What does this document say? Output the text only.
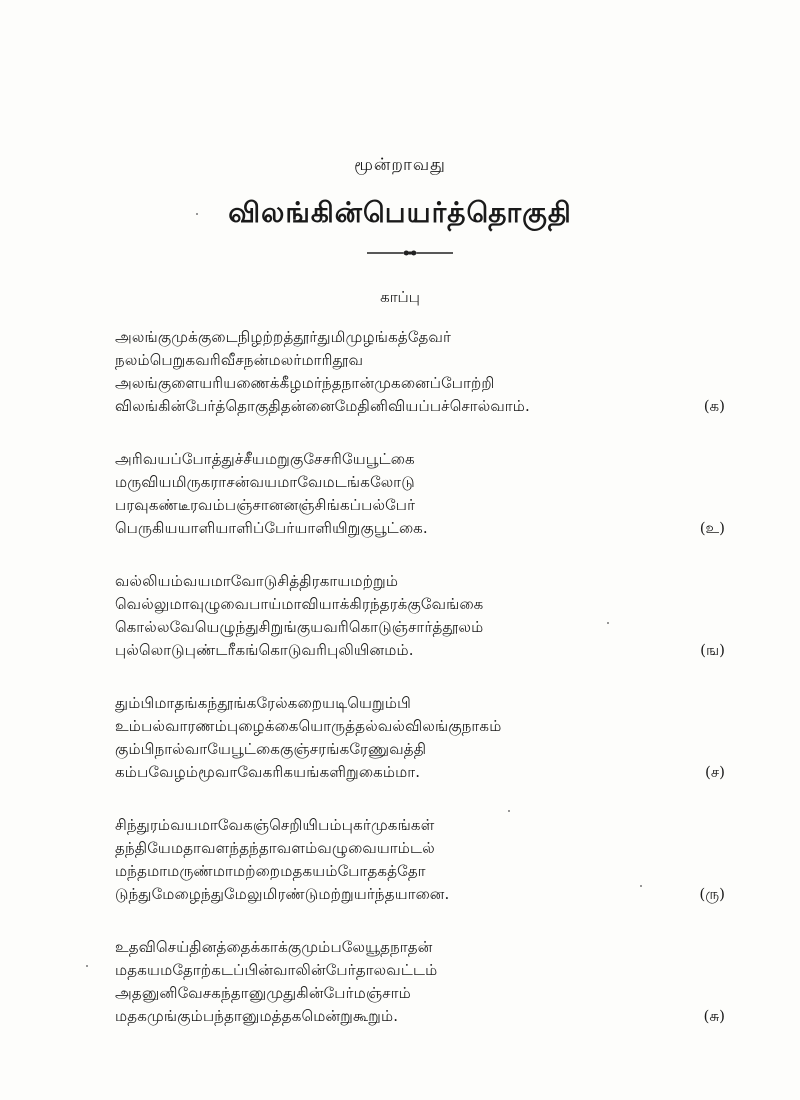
மூன்றாவது
விலங்கின்பெயர்த்தொகுதி
காப்பு
அலங்குமுக்குடைநிழற்றத்தூர்துமிமுழங்கத்தேவர்
நலம்பெறுகவரிவீசநன்மலர்மாரிதூவ
அலங்குளையரியணைக்கீழமர்ந்தநான்முகனைப்போற்றி
விலங்கின்பேர்த்தொகுதிதன்னைமேதினிவியப்பச்சொல்வாம்.	(க)
அரிவயப்போத்துச்சீயமறுகுசேசரியேபூட்கை
மருவியமிருகராசன்வயமாவேமடங்கலோடு
பரவுகண்டீரவம்பஞ்சானனஞ்சிங்கப்பல்பேர்
பெருகியயாளியாளிப்பேர்யாளியிறுகுபூட்கை.	(உ)
வல்லியம்வயமாவோடுசித்திரகாயமற்றும்
வெல்லுமாவுழுவைபாய்மாவியாக்கிரந்தரக்குவேங்கை
கொல்லவேயெழுந்துசிறுங்குயவரிகொடுஞ்சார்த்தூலம்
புல்லொடுபுண்டரீகங்கொடுவரிபுலியினமம்.	(ங)
தும்பிமாதங்கந்தூங்கரேல்கறையடியெறும்பி
உம்பல்வாரணம்புழைக்கையொருத்தல்வல்விலங்குநாகம்
கும்பிநால்வாயேபூட்கைகுஞ்சரங்கரேணுவத்தி
கம்பவேழம்மூவாவேகரிகயங்களிறுகைம்மா.	(ச)
சிந்துரம்வயமாவேகஞ்செறியிபம்புகர்முகங்கள்
தந்தியேமதாவளந்தந்தாவளம்வழுவையாம்டல்
மந்தமாமருண்மாமற்றைமதகயம்போதகத்தோ
டுந்துமேழைந்துமேலுமிரண்டுமற்றுயர்ந்தயானை.	(ரு)
உதவிசெய்தினத்தைக்காக்குமும்பலேயூதநாதன்
மதகயமதோற்கடப்பின்வாலின்பேர்தாலவட்டம்
அதனுனிவேசகந்தானுமுதுகின்பேர்மஞ்சாம்
மதகமுங்கும்பந்தானுமத்தகமென்றுகூறும்.	(சு)
